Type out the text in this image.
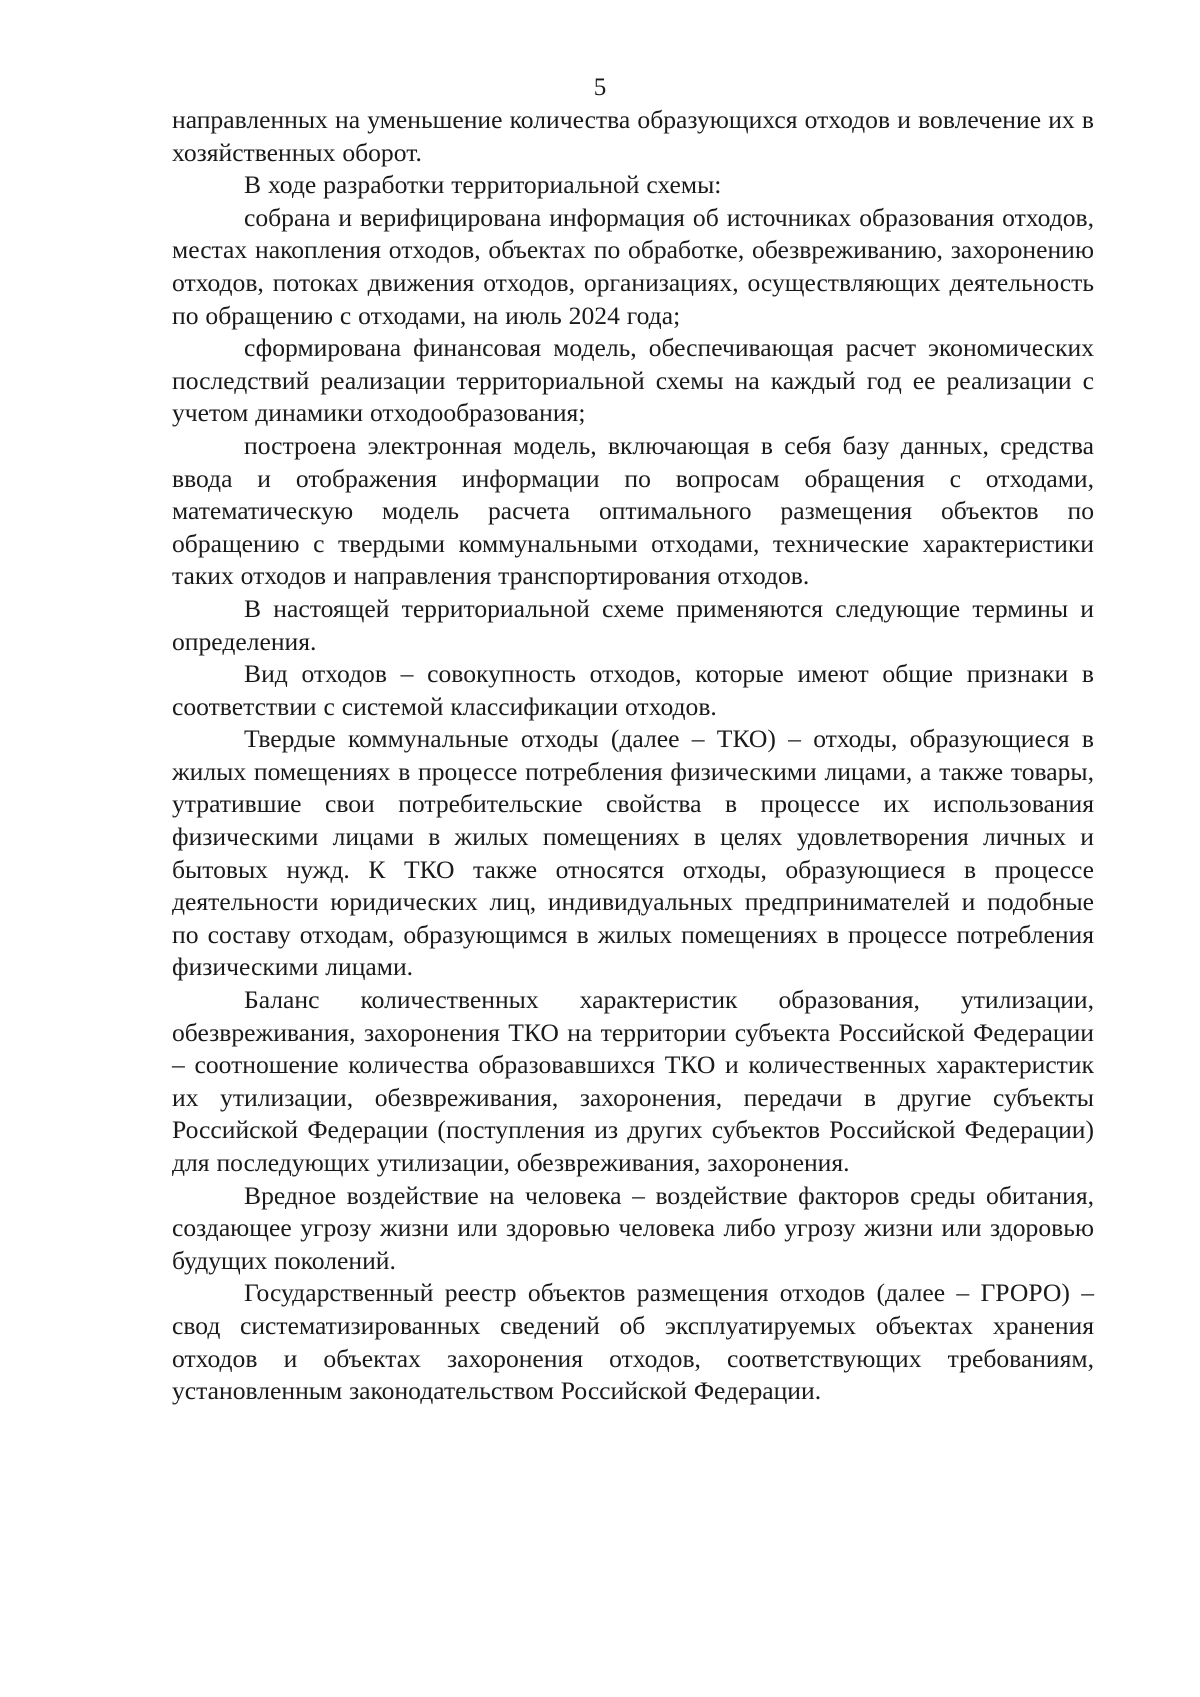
5

направленных на уменьшение количества образующихся отходов и вовлечение их в хозяйственных оборот.

В ходе разработки территориальной схемы:

собрана и верифицирована информация об источниках образования отходов, местах накопления отходов, объектах по обработке, обезвреживанию, захоронению отходов, потоках движения отходов, организациях, осуществляющих деятельность по обращению с отходами, на июль 2024 года;

сформирована финансовая модель, обеспечивающая расчет экономических последствий реализации территориальной схемы на каждый год ее реализации с учетом динамики отходообразования;

построена электронная модель, включающая в себя базу данных, средства ввода и отображения информации по вопросам обращения с отходами, математическую модель расчета оптимального размещения объектов по обращению с твердыми коммунальными отходами, технические характеристики таких отходов и направления транспортирования отходов.

В настоящей территориальной схеме применяются следующие термины и определения.

Вид отходов – совокупность отходов, которые имеют общие признаки в соответствии с системой классификации отходов.

Твердые коммунальные отходы (далее – ТКО) – отходы, образующиеся в жилых помещениях в процессе потребления физическими лицами, а также товары, утратившие свои потребительские свойства в процессе их использования физическими лицами в жилых помещениях в целях удовлетворения личных и бытовых нужд. К ТКО также относятся отходы, образующиеся в процессе деятельности юридических лиц, индивидуальных предпринимателей и подобные по составу отходам, образующимся в жилых помещениях в процессе потребления физическими лицами.

Баланс количественных характеристик образования, утилизации, обезвреживания, захоронения ТКО на территории субъекта Российской Федерации – соотношение количества образовавшихся ТКО и количественных характеристик их утилизации, обезвреживания, захоронения, передачи в другие субъекты Российской Федерации (поступления из других субъектов Российской Федерации) для последующих утилизации, обезвреживания, захоронения.

Вредное воздействие на человека – воздействие факторов среды обитания, создающее угрозу жизни или здоровью человека либо угрозу жизни или здоровью будущих поколений.

Государственный реестр объектов размещения отходов (далее – ГРОРО) – свод систематизированных сведений об эксплуатируемых объектах хранения отходов и объектах захоронения отходов, соответствующих требованиям, установленным законодательством Российской Федерации.
